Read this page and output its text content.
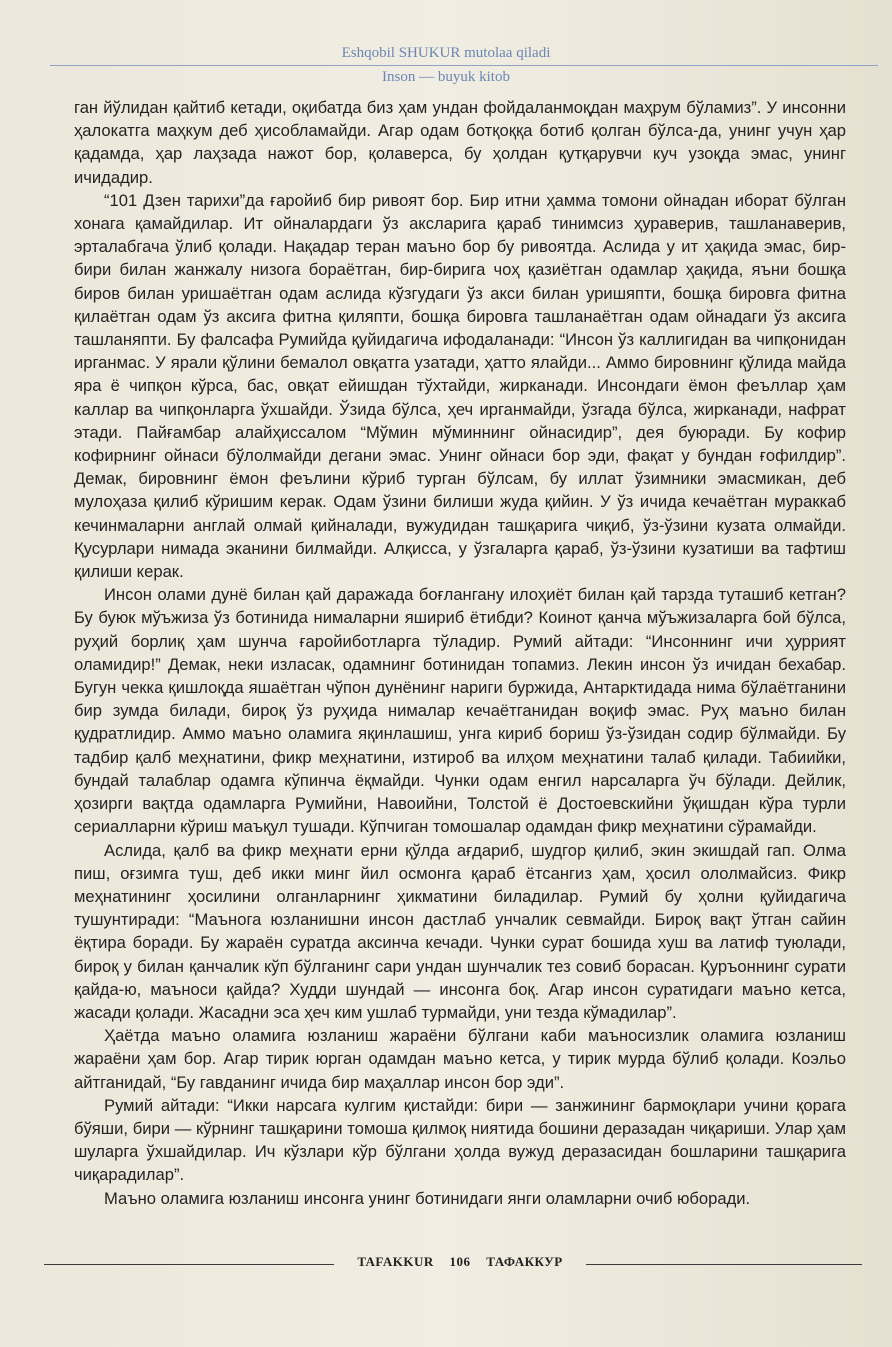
Eshqobil SHUKUR mutolaa qiladi
Inson — buyuk kitob

ган йўлидан қайтиб кетади, оқибатда биз ҳам ундан фойдаланмоқдан маҳрум бўламиз”. У инсонни ҳалокатга маҳкум деб ҳисобламайди. Агар одам ботқоққа ботиб қолган бўлса-да, унинг учун ҳар қадамда, ҳар лаҳзада нажот бор, қолаверса, бу ҳолдан қутқарувчи куч узоқда эмас, унинг ичидадир.

“101 Дзен тарихи”да ғаройиб бир ривоят бор. Бир итни ҳамма томони ойнадан иборат бўлган хонага қамайдилар. Ит ойналардаги ўз аксларига қараб тинимсиз ҳураверив, ташланаверив, эрталабгача ўлиб қолади. Нақадар теран маъно бор бу ривоятда. Аслида у ит ҳақида эмас, бир-бири билан жанжалу низога бораётган, бир-бирига чоҳ қазиётган одамлар ҳақида, яъни бошқа биров билан уришаётган одам аслида кўзгудаги ўз акси билан уришяпти, бошқа бировга фитна қилаётган одам ўз аксига фитна қиляпти, бошқа бировга ташланаётган одам ойнадаги ўз аксига ташланяпти. Бу фалсафа Румийда қуйидагича ифодаланади: “Инсон ўз каллигидан ва чипқонидан ирганмас. У ярали қўлини бемалол овқатга узатади, ҳатто ялайди... Аммо бировнинг қўлида майда яра ё чипқон кўрса, бас, овқат ейишдан тўхтайди, жирканади. Инсондаги ёмон феъллар ҳам каллар ва чипқонларга ўхшайди. Ўзида бўлса, ҳеч ирганмайди, ўзгада бўлса, жирканади, нафрат этади. Пайғамбар алайҳиссалом “Мўмин мўминнинг ойнасидир”, дея буюради. Бу кофир кофирнинг ойнаси бўлолмайди дегани эмас. Унинг ойнаси бор эди, фақат у бундан ғофилдир”. Демак, бировнинг ёмон феълини кўриб турган бўлсам, бу иллат ўзимники эмасмикан, деб мулоҳаза қилиб кўришим керак. Одам ўзини билиши жуда қийин. У ўз ичида кечаётган мураккаб кечинмаларни англай олмай қийналади, вужудидан ташқарига чиқиб, ўз-ўзини кузата олмайди. Қусурлари нимада эканини билмайди. Алқисса, у ўзгаларга қараб, ўз-ўзини кузатиши ва тафтиш қилиши керак.

Инсон олами дунё билан қай даражада боғлангану илоҳиёт билан қай тарзда туташиб кетган? Бу буюк мўъжиза ўз ботинида нималарни яшириб ётибди? Коинот қанча мўъжизаларга бой бўлса, руҳий борлиқ ҳам шунча ғаройиботларга тўладир. Румий айтади: “Инсоннинг ичи ҳуррият оламидир!” Демак, неки изласак, одамнинг ботинидан топамиз. Лекин инсон ўз ичидан бехабар. Бугун чекка қишлоқда яшаётган чўпон дунёнинг нариги буржида, Антарктидада нима бўлаётганини бир зумда билади, бироқ ўз руҳида нималар кечаётганидан воқиф эмас. Руҳ маъно билан қудратлидир. Аммо маъно оламига яқинлашиш, унга кириб бориш ўз-ўзидан содир бўлмайди. Бу тадбир қалб меҳнатини, фикр меҳнатини, изтироб ва илҳом меҳнатини талаб қилади. Табиийки, бундай талаблар одамга кўпинча ёқмайди. Чунки одам енгил нарсаларга ўч бўлади. Дейлик, ҳозирги вақтда одамларга Румийни, Навоийни, Толстой ё Достоевскийни ўқишдан кўра турли сериалларни кўриш маъқул тушади. Кўпчиган томошалар одамдан фикр меҳнатини сўрамайди.

Аслида, қалб ва фикр меҳнати ерни қўлда ағдариб, шудгор қилиб, экин экишдай гап. Олма пиш, оғзимга туш, деб икки минг йил осмонга қараб ётсангиз ҳам, ҳосил ололмайсиз. Фикр меҳнатининг ҳосилини олганларнинг ҳикматини биладилар. Румий бу ҳолни қуйидагича тушунтиради: “Маънога юзланишни инсон дастлаб унчалик севмайди. Бироқ вақт ўтган сайин ёқтира боради. Бу жараён суратда аксинча кечади. Чунки сурат бошида хуш ва латиф туюлади, бироқ у билан қанчалик кўп бўлганинг сари ундан шунчалик тез совиб борасан. Қуръоннинг сурати қайда-ю, маъноси қайда? Худди шундай — инсонга боқ. Агар инсон суратидаги маъно кетса, жасади қолади. Жасадни эса ҳеч ким ушлаб турмайди, уни тезда кўмадилар”.

Ҳаётда маъно оламига юзланиш жараёни бўлгани каби маъносизлик оламига юзланиш жараёни ҳам бор. Агар тирик юрган одамдан маъно кетса, у тирик мурда бўлиб қолади. Коэльо айтганидай, “Бу гавданинг ичида бир маҳаллар инсон бор эди”.

Румий айтади: “Икки нарсага кулгим қистайди: бири — занжининг бармоқлари учини қорага бўяши, бири — кўрнинг ташқарини томоша қилмоқ ниятида бошини деразадан чиқариши. Улар ҳам шуларга ўхшайдилар. Ич кўзлари кўр бўлгани ҳолда вужуд деразасидан бошларини ташқарига чиқарадилар”.

Маъно оламига юзланиш инсонга унинг ботинидаги янги оламларни очиб юборади.

TAFAKKUR 106 ТАФАККУР
